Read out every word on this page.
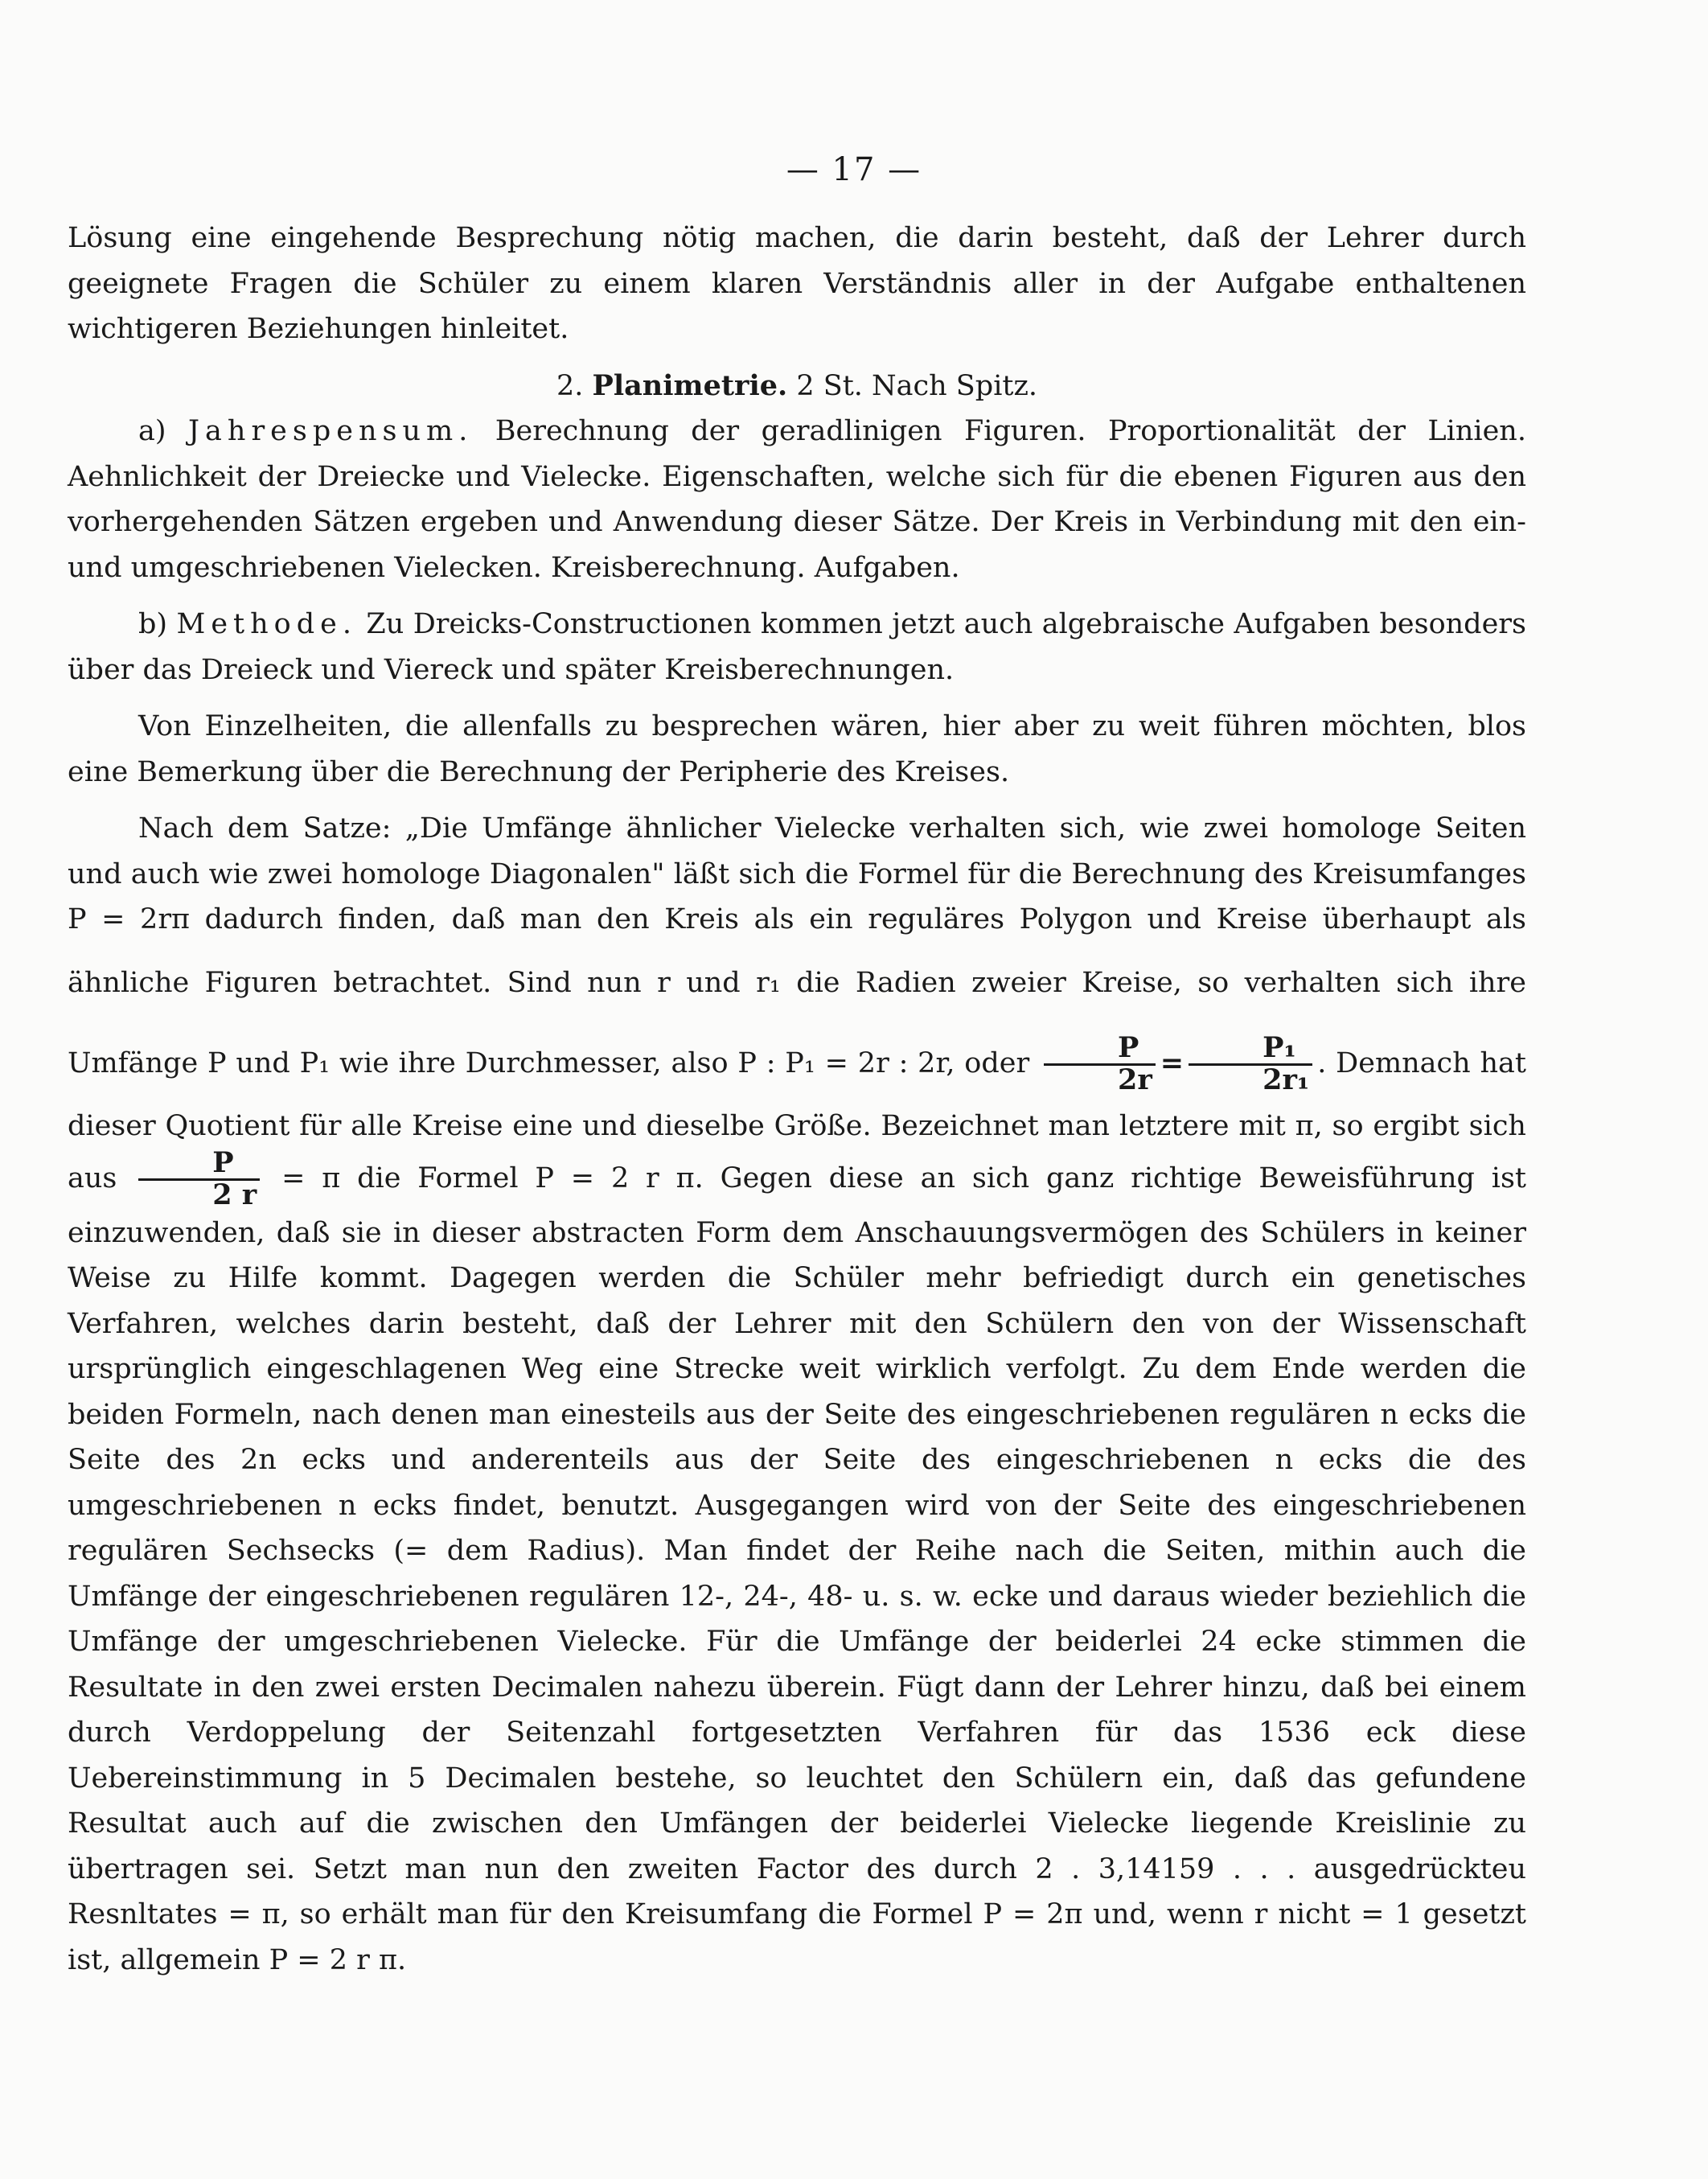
— 17 —

Lösung eine eingehende Besprechung nötig machen, die darin besteht, daß der Lehrer durch geeignete Fragen die Schüler zu einem klaren Verständnis aller in der Aufgabe enthaltenen wichtigeren Beziehungen hinleitet.

2. Planimetrie. 2 St. Nach Spitz.

a) Jahrespensum. Berechnung der geradlinigen Figuren. Proportionalität der Linien. Aehnlichkeit der Dreiecke und Vielecke. Eigenschaften, welche sich für die ebenen Figuren aus den vorhergehenden Sätzen ergeben und Anwendung dieser Sätze. Der Kreis in Verbindung mit den ein- und umgeschriebenen Vielecken. Kreisberechnung. Aufgaben.

b) Methode. Zu Dreicks-Constructionen kommen jetzt auch algebraische Aufgaben besonders über das Dreieck und Viereck und später Kreisberechnungen.

Von Einzelheiten, die allenfalls zu besprechen wären, hier aber zu weit führen möchten, blos eine Bemerkung über die Berechnung der Peripherie des Kreises.

Nach dem Satze: „Die Umfänge ähnlicher Vielecke verhalten sich, wie zwei homologe Seiten und auch wie zwei homologe Diagonalen" läßt sich die Formel für die Berechnung des Kreisumfanges P = 2rπ dadurch finden, daß man den Kreis als ein reguläres Polygon und Kreise überhaupt als ähnliche Figuren betrachtet. Sind nun r und r₁ die Radien zweier Kreise, so verhalten sich ihre Umfänge P und P₁ wie ihre Durchmesser, also P : P₁ = 2r : 2r, oder $\frac{P}{2r} = \frac{\text{P₁}}{\text{2r₁}}$ . Demnach hat dieser Quotient für alle Kreise eine und dieselbe Größe. Bezeichnet man letztere mit π, so ergibt sich aus $\frac{P}{2 r} = \pi$ die Formel P = 2 r π. Gegen diese an sich ganz richtige Beweisführung ist einzuwenden, daß sie in dieser abstracten Form dem Anschauungsvermögen des Schülers in keiner Weise zu Hilfe kommt. Dagegen werden die Schüler mehr befriedigt durch ein genetisches Verfahren, welches darin besteht, daß der Lehrer mit den Schülern den von der Wissenschaft ursprünglich eingeschlagenen Weg eine Strecke weit wirklich verfolgt. Zu dem Ende werden die beiden Formeln, nach denen man einesteils aus der Seite des eingeschriebenen regulären n ecks die Seite des 2n ecks und anderenteils aus der Seite des eingeschriebenen n ecks die des umgeschriebenen n ecks findet, benutzt. Ausgegangen wird von der Seite des eingeschriebenen regulären Sechsecks (= dem Radius). Man findet der Reihe nach die Seiten, mithin auch die Umfänge der eingeschriebenen regulären 12-, 24-, 48- u. s. w. ecke und daraus wieder beziehlich die Umfänge der umgeschriebenen Vielecke. Für die Umfänge der beiderlei 24 ecke stimmen die Resultate in den zwei ersten Decimalen nahezu überein. Fügt dann der Lehrer hinzu, daß bei einem durch Verdoppelung der Seitenzahl fortgesetzten Verfahren für das 1536 eck diese Uebereinstimmung in 5 Decimalen bestehe, so leuchtet den Schülern ein, daß das gefundene Resultat auch auf die zwischen den Umfängen der beiderlei Vielecke liegende Kreislinie zu übertragen sei. Setzt man nun den zweiten Factor des durch 2 . 3,14159 . . . ausgedrückteu Resnltates = π, so erhält man für den Kreisumfang die Formel P = 2π und, wenn r nicht = 1 gesetzt ist, allgemein P = 2 r π.
